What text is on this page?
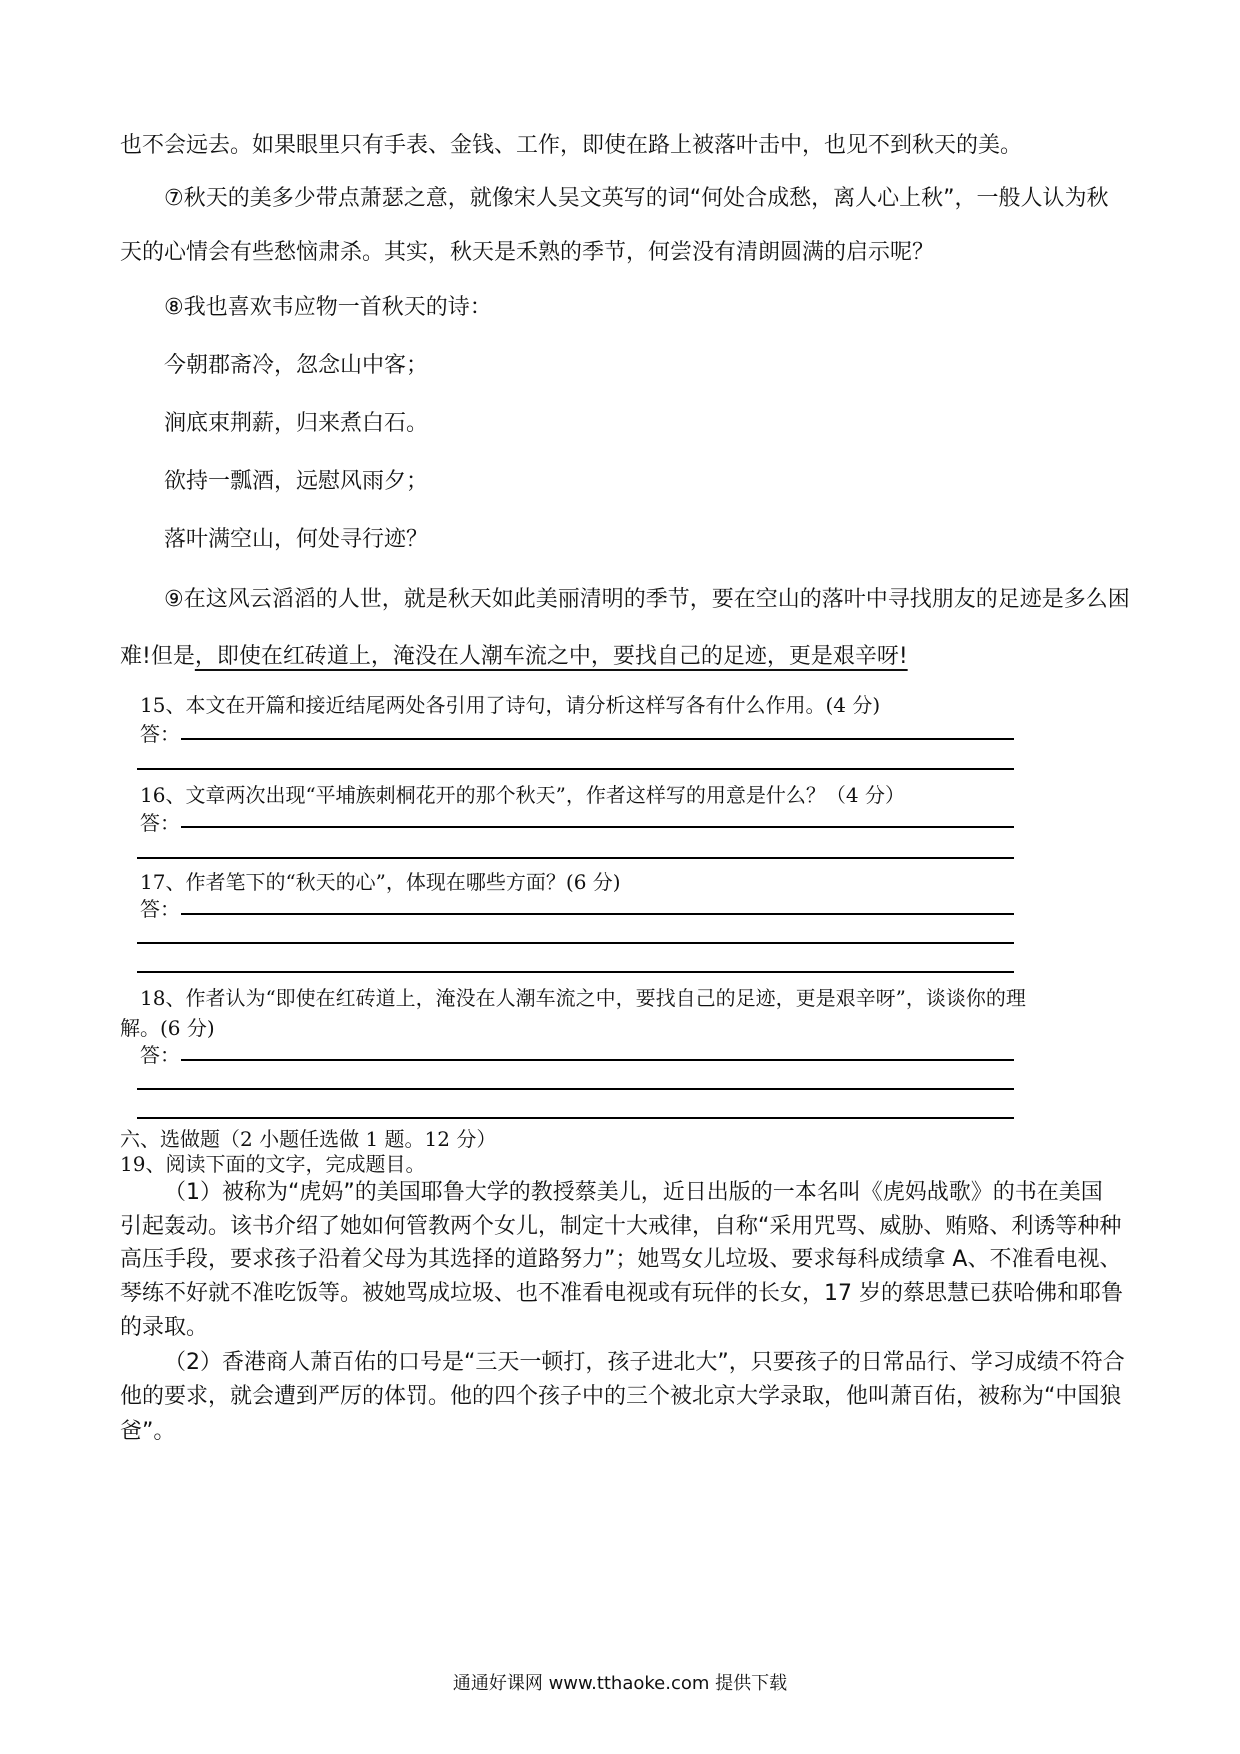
也不会远去。如果眼里只有手表、金钱、工作，即使在路上被落叶击中，也见不到秋天的美。
⑦秋天的美多少带点萧瑟之意，就像宋人吴文英写的词“何处合成愁，离人心上秋”，一般人认为秋
天的心情会有些愁恼肃杀。其实，秋天是禾熟的季节，何尝没有清朗圆满的启示呢？
⑧我也喜欢韦应物一首秋天的诗：
今朝郡斋冷，忽念山中客；
涧底束荆薪，归来煮白石。
欲持一瓢酒，远慰风雨夕；
落叶满空山，何处寻行迹？
⑨在这风云滔滔的人世，就是秋天如此美丽清明的季节，要在空山的落叶中寻找朋友的足迹是多么困
难!但是，即使在红砖道上，淹没在人潮车流之中，要找自己的足迹，更是艰辛呀!
15、本文在开篇和接近结尾两处各引用了诗句，请分析这样写各有什么作用。(4 分)
答：
16、文章两次出现“平埔族刺桐花开的那个秋天”，作者这样写的用意是什么？（4 分）
答：
17、作者笔下的“秋天的心”，体现在哪些方面？(6 分)
答：
18、作者认为“即使在红砖道上，淹没在人潮车流之中，要找自己的足迹，更是艰辛呀”，谈谈你的理
解。(6 分)
答：
六、选做题（2 小题任选做 1 题。12 分）
19、阅读下面的文字，完成题目。
（1）被称为“虎妈”的美国耶鲁大学的教授蔡美儿，近日出版的一本名叫《虎妈战歌》的书在美国
引起轰动。该书介绍了她如何管教两个女儿，制定十大戒律，自称“采用咒骂、威胁、贿赂、利诱等种种
高压手段，要求孩子沿着父母为其选择的道路努力”；她骂女儿垃圾、要求每科成绩拿 A、不准看电视、
琴练不好就不准吃饭等。被她骂成垃圾、也不准看电视或有玩伴的长女，17 岁的蔡思慧已获哈佛和耶鲁
的录取。
（2）香港商人萧百佑的口号是“三天一顿打，孩子进北大”，只要孩子的日常品行、学习成绩不符合
他的要求，就会遭到严厉的体罚。他的四个孩子中的三个被北京大学录取，他叫萧百佑，被称为“中国狼
爸”。
通通好课网 www.tthaoke.com 提供下载
